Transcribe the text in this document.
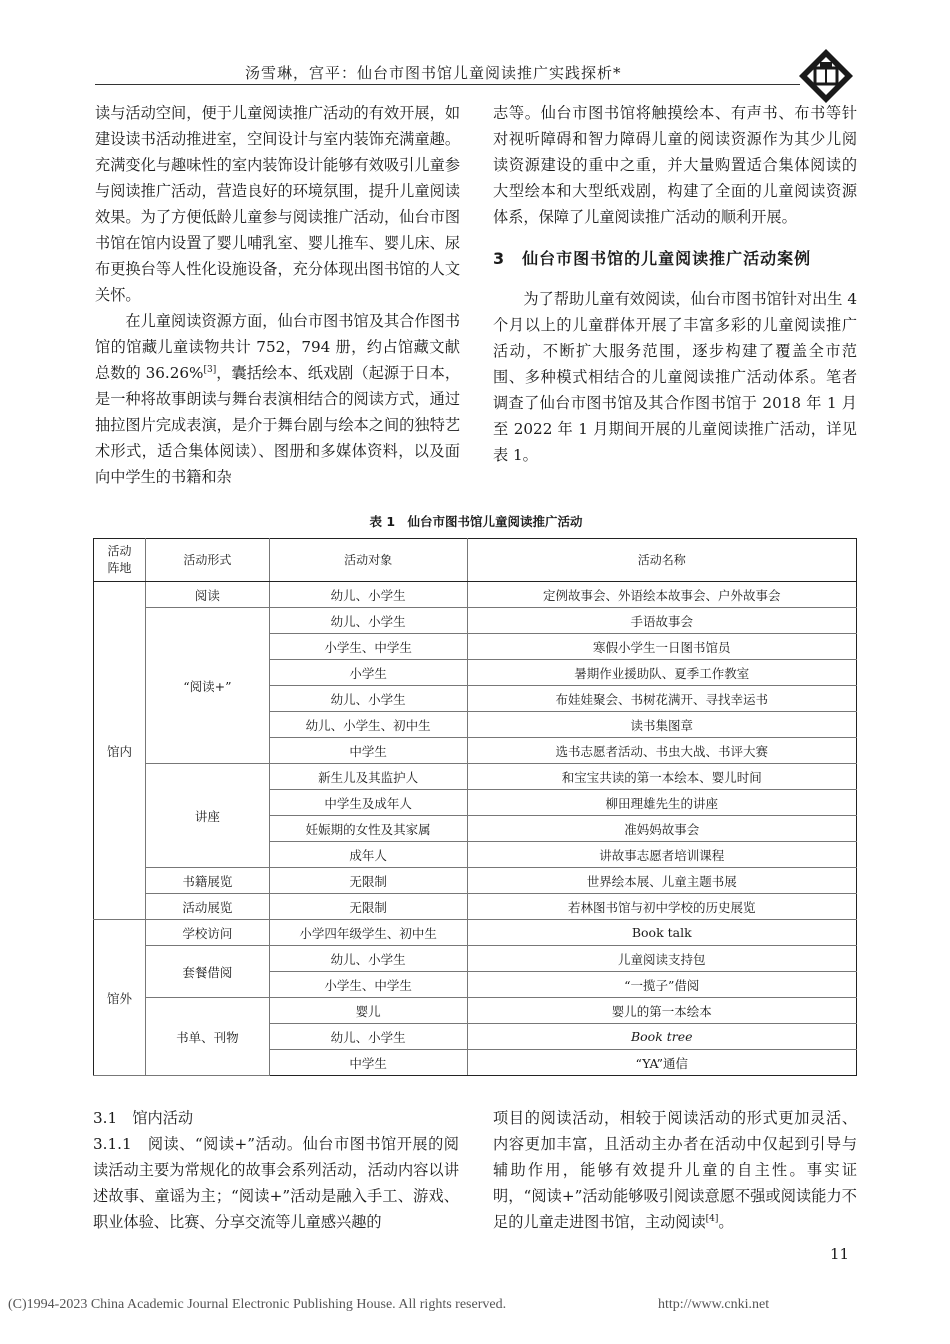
汤雪琳，宫平：仙台市图书馆儿童阅读推广实践探析*

读与活动空间，便于儿童阅读推广活动的有效开展，如建设读书活动推进室，空间设计与室内装饰充满童趣。充满变化与趣味性的室内装饰设计能够有效吸引儿童参与阅读推广活动，营造良好的环境氛围，提升儿童阅读效果。为了方便低龄儿童参与阅读推广活动，仙台市图书馆在馆内设置了婴儿哺乳室、婴儿推车、婴儿床、尿布更换台等人性化设施设备，充分体现出图书馆的人文关怀。

在儿童阅读资源方面，仙台市图书馆及其合作图书馆的馆藏儿童读物共计 752，794 册，约占馆藏文献总数的 36.26%[3]，囊括绘本、纸戏剧（起源于日本，是一种将故事朗读与舞台表演相结合的阅读方式，通过抽拉图片完成表演，是介于舞台剧与绘本之间的独特艺术形式，适合集体阅读）、图册和多媒体资料，以及面向中学生的书籍和杂

志等。仙台市图书馆将触摸绘本、有声书、布书等针对视听障碍和智力障碍儿童的阅读资源作为其少儿阅读资源建设的重中之重，并大量购置适合集体阅读的大型绘本和大型纸戏剧，构建了全面的儿童阅读资源体系，保障了儿童阅读推广活动的顺利开展。

3　仙台市图书馆的儿童阅读推广活动案例

为了帮助儿童有效阅读，仙台市图书馆针对出生 4 个月以上的儿童群体开展了丰富多彩的儿童阅读推广活动，不断扩大服务范围，逐步构建了覆盖全市范围、多种模式相结合的儿童阅读推广活动体系。笔者调查了仙台市图书馆及其合作图书馆于 2018 年 1 月至 2022 年 1 月期间开展的儿童阅读推广活动，详见表 1。

表 1　仙台市图书馆儿童阅读推广活动
活动
阵地	活动形式	活动对象	活动名称
馆内	阅读	幼儿、小学生	定例故事会、外语绘本故事会、户外故事会
	“阅读+”	幼儿、小学生	手语故事会
		小学生、中学生	寒假小学生一日图书馆员
		小学生	暑期作业援助队、夏季工作教室
		幼儿、小学生	布娃娃聚会、书树花满开、寻找幸运书
		幼儿、小学生、初中生	读书集图章
		中学生	选书志愿者活动、书虫大战、书评大赛
	讲座	新生儿及其监护人	和宝宝共读的第一本绘本、婴儿时间
		中学生及成年人	柳田理雄先生的讲座
		妊娠期的女性及其家属	准妈妈故事会
		成年人	讲故事志愿者培训课程
	书籍展览	无限制	世界绘本展、儿童主题书展
	活动展览	无限制	若林图书馆与初中学校的历史展览
馆外	学校访问	小学四年级学生、初中生	Book talk
	套餐借阅	幼儿、小学生	儿童阅读支持包
		小学生、中学生	“一揽子”借阅
	书单、刊物	婴儿	婴儿的第一本绘本
		幼儿、小学生	Book tree
		中学生	“YA”通信

3.1　馆内活动

3.1.1　阅读、“阅读+”活动。仙台市图书馆开展的阅读活动主要为常规化的故事会系列活动，活动内容以讲述故事、童谣为主；“阅读+”活动是融入手工、游戏、职业体验、比赛、分享交流等儿童感兴趣的

项目的阅读活动，相较于阅读活动的形式更加灵活、内容更加丰富，且活动主办者在活动中仅起到引导与辅助作用，能够有效提升儿童的自主性。事实证明，“阅读+”活动能够吸引阅读意愿不强或阅读能力不足的儿童走进图书馆，主动阅读[4]。

11
(C)1994-2023 China Academic Journal Electronic Publishing House. All rights reserved.	http://www.cnki.net
